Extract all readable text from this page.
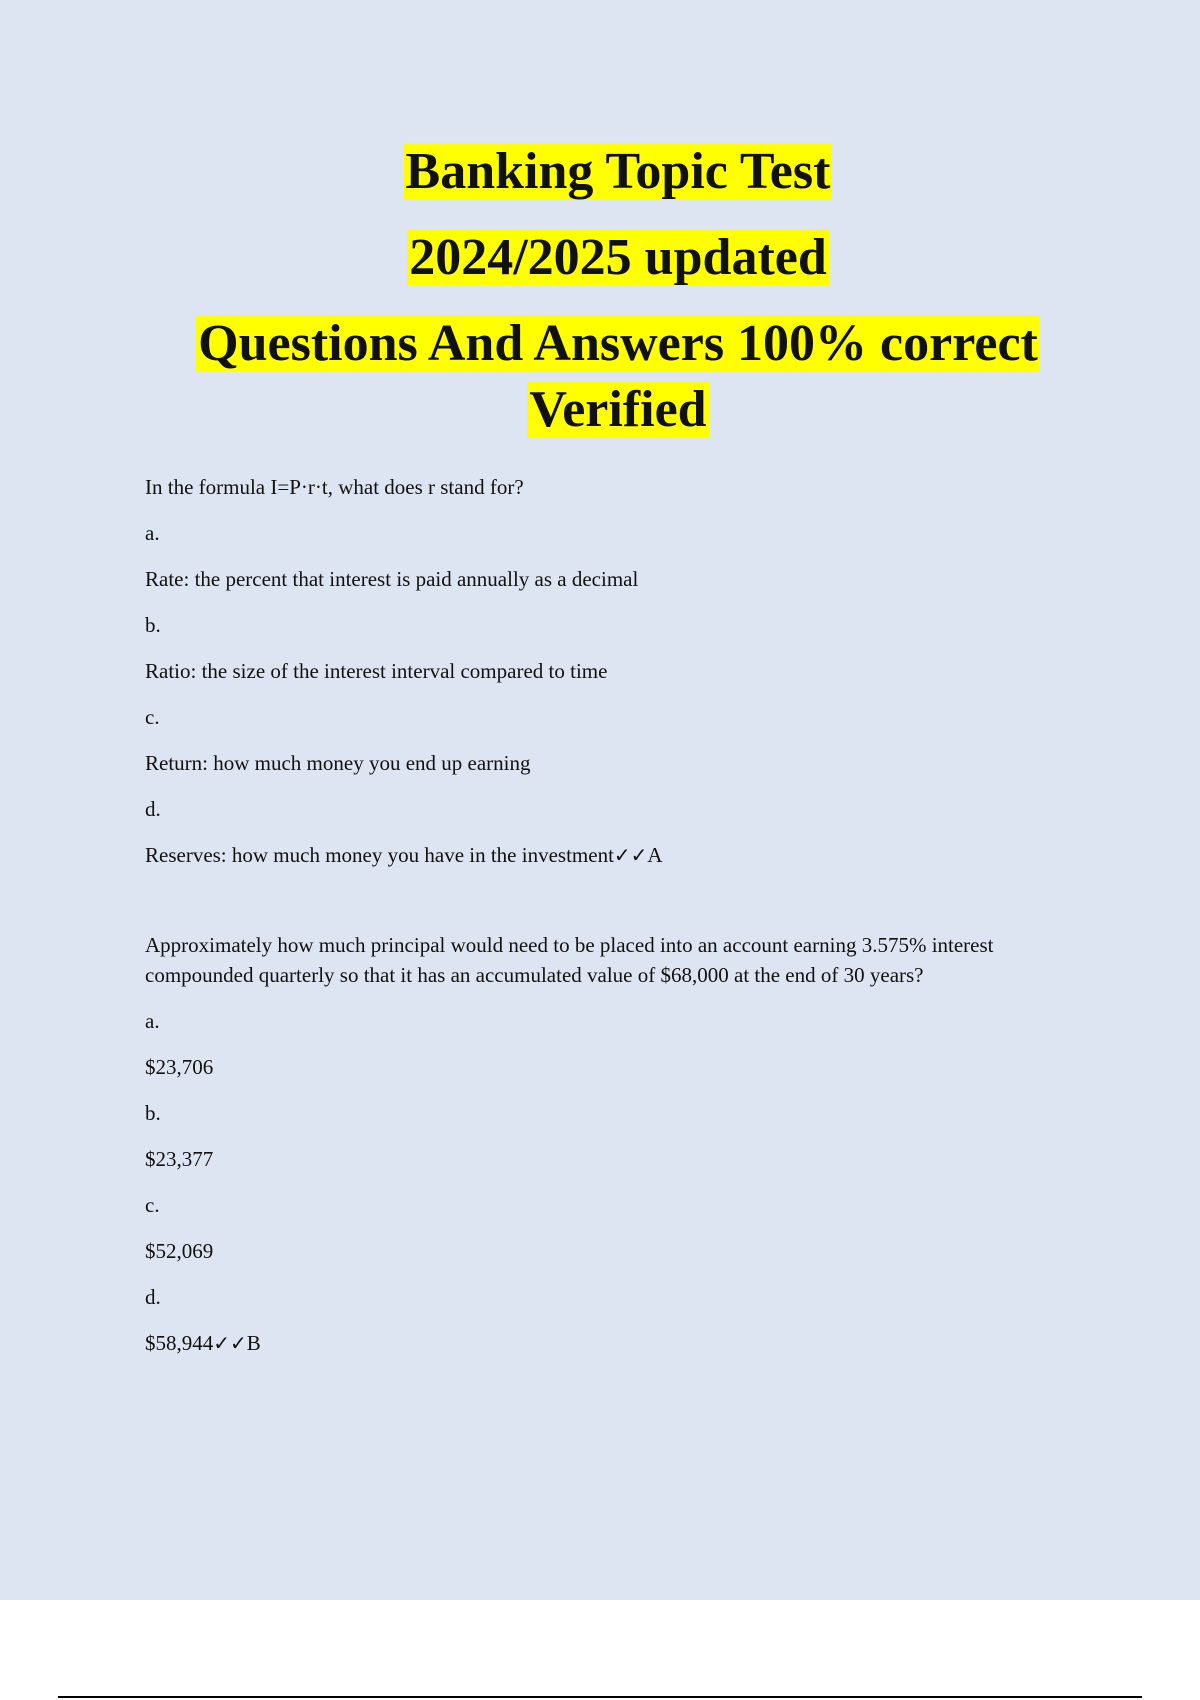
Banking Topic Test
2024/2025 updated
Questions And Answers 100% correct
Verified

In the formula I=P·r·t, what does r stand for?

a.

Rate: the percent that interest is paid annually as a decimal

b.

Ratio: the size of the interest interval compared to time

c.

Return: how much money you end up earning

d.

Reserves: how much money you have in the investment✓✓A

Approximately how much principal would need to be placed into an account earning 3.575% interest compounded quarterly so that it has an accumulated value of $68,000 at the end of 30 years?

a.

$23,706

b.

$23,377

c.

$52,069

d.

$58,944✓✓B
